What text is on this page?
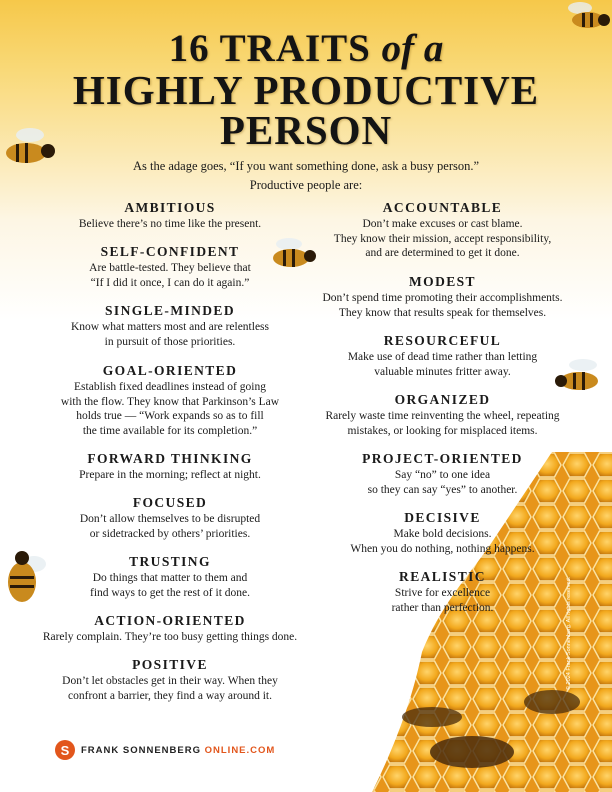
16 TRAITS of a
HIGHLY PRODUCTIVE
PERSON
As the adage goes, “If you want something done, ask a busy person.”
Productive people are:
AMBITIOUS

Believe there’s no time like the present.

SELF-CONFIDENT

Are battle-tested. They believe that
“If I did it once, I can do it again.”

SINGLE-MINDED

Know what matters most and are relentless
in pursuit of those priorities.

GOAL-ORIENTED

Establish fixed deadlines instead of going
with the flow. They know that Parkinson’s Law
holds true — “Work expands so as to fill
the time available for its completion.”

FORWARD THINKING

Prepare in the morning; reflect at night.

FOCUSED

Don’t allow themselves to be disrupted
or sidetracked by others’ priorities.

TRUSTING

Do things that matter to them and
find ways to get the rest of it done.

ACTION-ORIENTED

Rarely complain. They’re too busy getting things done.

POSITIVE

Don’t let obstacles get in their way. When they
confront a barrier, they find a way around it.

ACCOUNTABLE

Don’t make excuses or cast blame.
They know their mission, accept responsibility,
and are determined to get it done.

MODEST

Don’t spend time promoting their accomplishments.
They know that results speak for themselves.

RESOURCEFUL

Make use of dead time rather than letting
valuable minutes fritter away.

ORGANIZED

Rarely waste time reinventing the wheel, repeating
mistakes, or looking for misplaced items.

PROJECT-ORIENTED

Say “no” to one idea
so they can say “yes” to another.

DECISIVE

Make bold decisions.
When you do nothing, nothing happens.

REALISTIC

Strive for excellence
rather than perfection.	© 2024 Frank Sonnenberg. All rights reserved.
S	FRANK SONNENBERG ONLINE.COM
